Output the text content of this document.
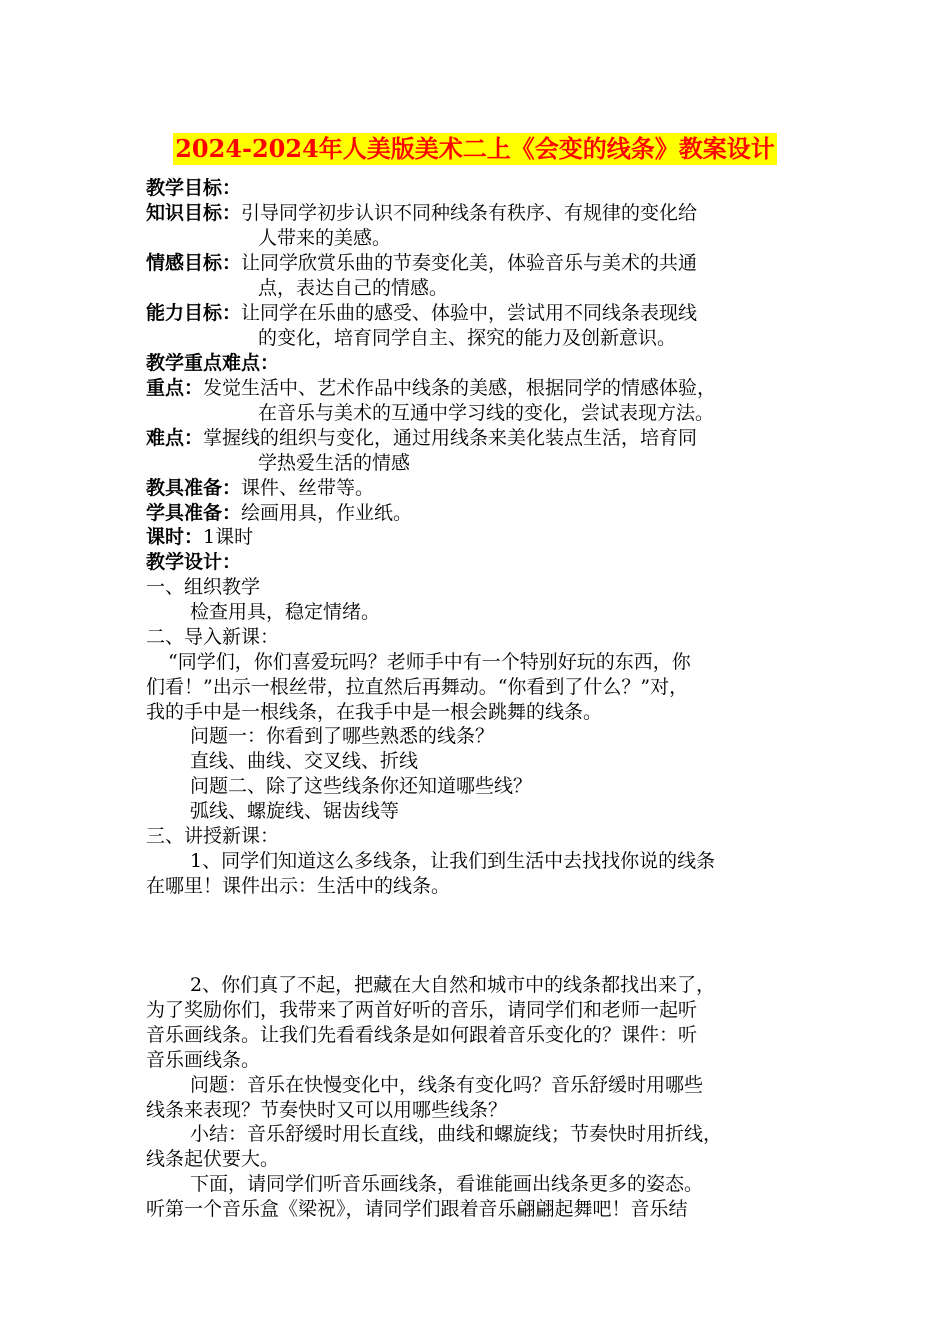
2024-2024年人美版美术二上《会变的线条》教案设计
教学目标：
知识目标：引导同学初步认识不同种线条有秩序、有规律的变化给
人带来的美感。
情感目标：让同学欣赏乐曲的节奏变化美，体验音乐与美术的共通
点，表达自己的情感。
能力目标：让同学在乐曲的感受、体验中，尝试用不同线条表现线
的变化，培育同学自主、探究的能力及创新意识。
教学重点难点：
重点：发觉生活中、艺术作品中线条的美感，根据同学的情感体验，
在音乐与美术的互通中学习线的变化，尝试表现方法。
难点：掌握线的组织与变化，通过用线条来美化装点生活，培育同
学热爱生活的情感
教具准备：课件、丝带等。
学具准备：绘画用具，作业纸。
课时：1课时
教学设计：
一、组织教学
检查用具，稳定情绪。
二、导入新课：
“同学们，你们喜爱玩吗？老师手中有一个特别好玩的东西，你
们看！”出示一根丝带，拉直然后再舞动。“你看到了什么？”对，
我的手中是一根线条，在我手中是一根会跳舞的线条。
问题一：你看到了哪些熟悉的线条？
直线、曲线、交叉线、折线
问题二、除了这些线条你还知道哪些线？
弧线、螺旋线、锯齿线等
三、讲授新课：
1、同学们知道这么多线条，让我们到生活中去找找你说的线条
在哪里！课件出示：生活中的线条。
2、你们真了不起，把藏在大自然和城市中的线条都找出来了，
为了奖励你们，我带来了两首好听的音乐，请同学们和老师一起听
音乐画线条。让我们先看看线条是如何跟着音乐变化的？课件：听
音乐画线条。
问题：音乐在快慢变化中，线条有变化吗？音乐舒缓时用哪些
线条来表现？节奏快时又可以用哪些线条？
小结：音乐舒缓时用长直线，曲线和螺旋线；节奏快时用折线，
线条起伏要大。
下面，请同学们听音乐画线条，看谁能画出线条更多的姿态。
听第一个音乐盒《梁祝》，请同学们跟着音乐翩翩起舞吧！音乐结
